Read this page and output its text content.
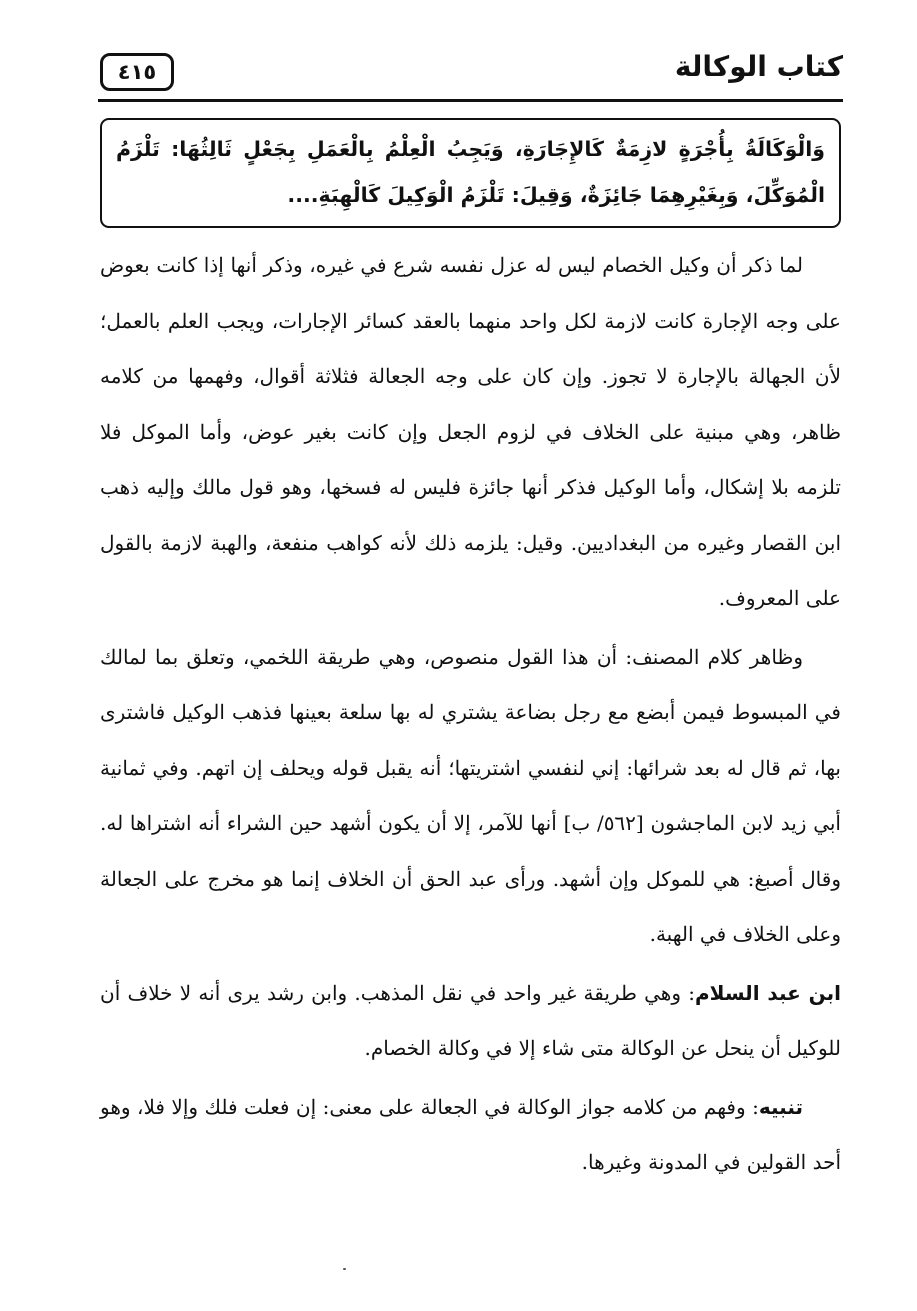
كتاب الوكالة
٤١٥
وَالْوَكَالَةُ بِأُجْرَةٍ لازِمَةٌ كَالإِجَارَةِ، وَيَجِبُ الْعِلْمُ بِالْعَمَلِ بِجَعْلٍ ثَالِثُهَا: تَلْزَمُ الْمُوَكِّلَ، وَبِغَيْرِهِمَا جَائِزَةٌ، وَقِيلَ: تَلْزَمُ الْوَكِيلَ كَالْهِبَةِ....

لما ذكر أن وكيل الخصام ليس له عزل نفسه شرع في غيره، وذكر أنها إذا كانت بعوض على وجه الإجارة كانت لازمة لكل واحد منهما بالعقد كسائر الإجارات، ويجب العلم بالعمل؛ لأن الجهالة بالإجارة لا تجوز. وإن كان على وجه الجعالة فثلاثة أقوال، وفهمها من كلامه ظاهر، وهي مبنية على الخلاف في لزوم الجعل وإن كانت بغير عوض، وأما الموكل فلا تلزمه بلا إشكال، وأما الوكيل فذكر أنها جائزة فليس له فسخها، وهو قول مالك وإليه ذهب ابن القصار وغيره من البغداديين. وقيل: يلزمه ذلك لأنه كواهب منفعة، والهبة لازمة بالقول على المعروف.

وظاهر كلام المصنف: أن هذا القول منصوص، وهي طريقة اللخمي، وتعلق بما لمالك في المبسوط فيمن أبضع مع رجل بضاعة يشتري له بها سلعة بعينها فذهب الوكيل فاشترى بها، ثم قال له بعد شرائها: إني لنفسي اشتريتها؛ أنه يقبل قوله ويحلف إن اتهم. وفي ثمانية أبي زيد لابن الماجشون [٥٦٢/ ب] أنها للآمر، إلا أن يكون أشهد حين الشراء أنه اشتراها له. وقال أصبغ: هي للموكل وإن أشهد. ورأى عبد الحق أن الخلاف إنما هو مخرج على الجعالة وعلى الخلاف في الهبة.

ابن عبد السلام: وهي طريقة غير واحد في نقل المذهب. وابن رشد يرى أنه لا خلاف أن للوكيل أن ينحل عن الوكالة متى شاء إلا في وكالة الخصام.

تنبيه: وفهم من كلامه جواز الوكالة في الجعالة على معنى: إن فعلت فلك وإلا فلا، وهو أحد القولين في المدونة وغيرها.
